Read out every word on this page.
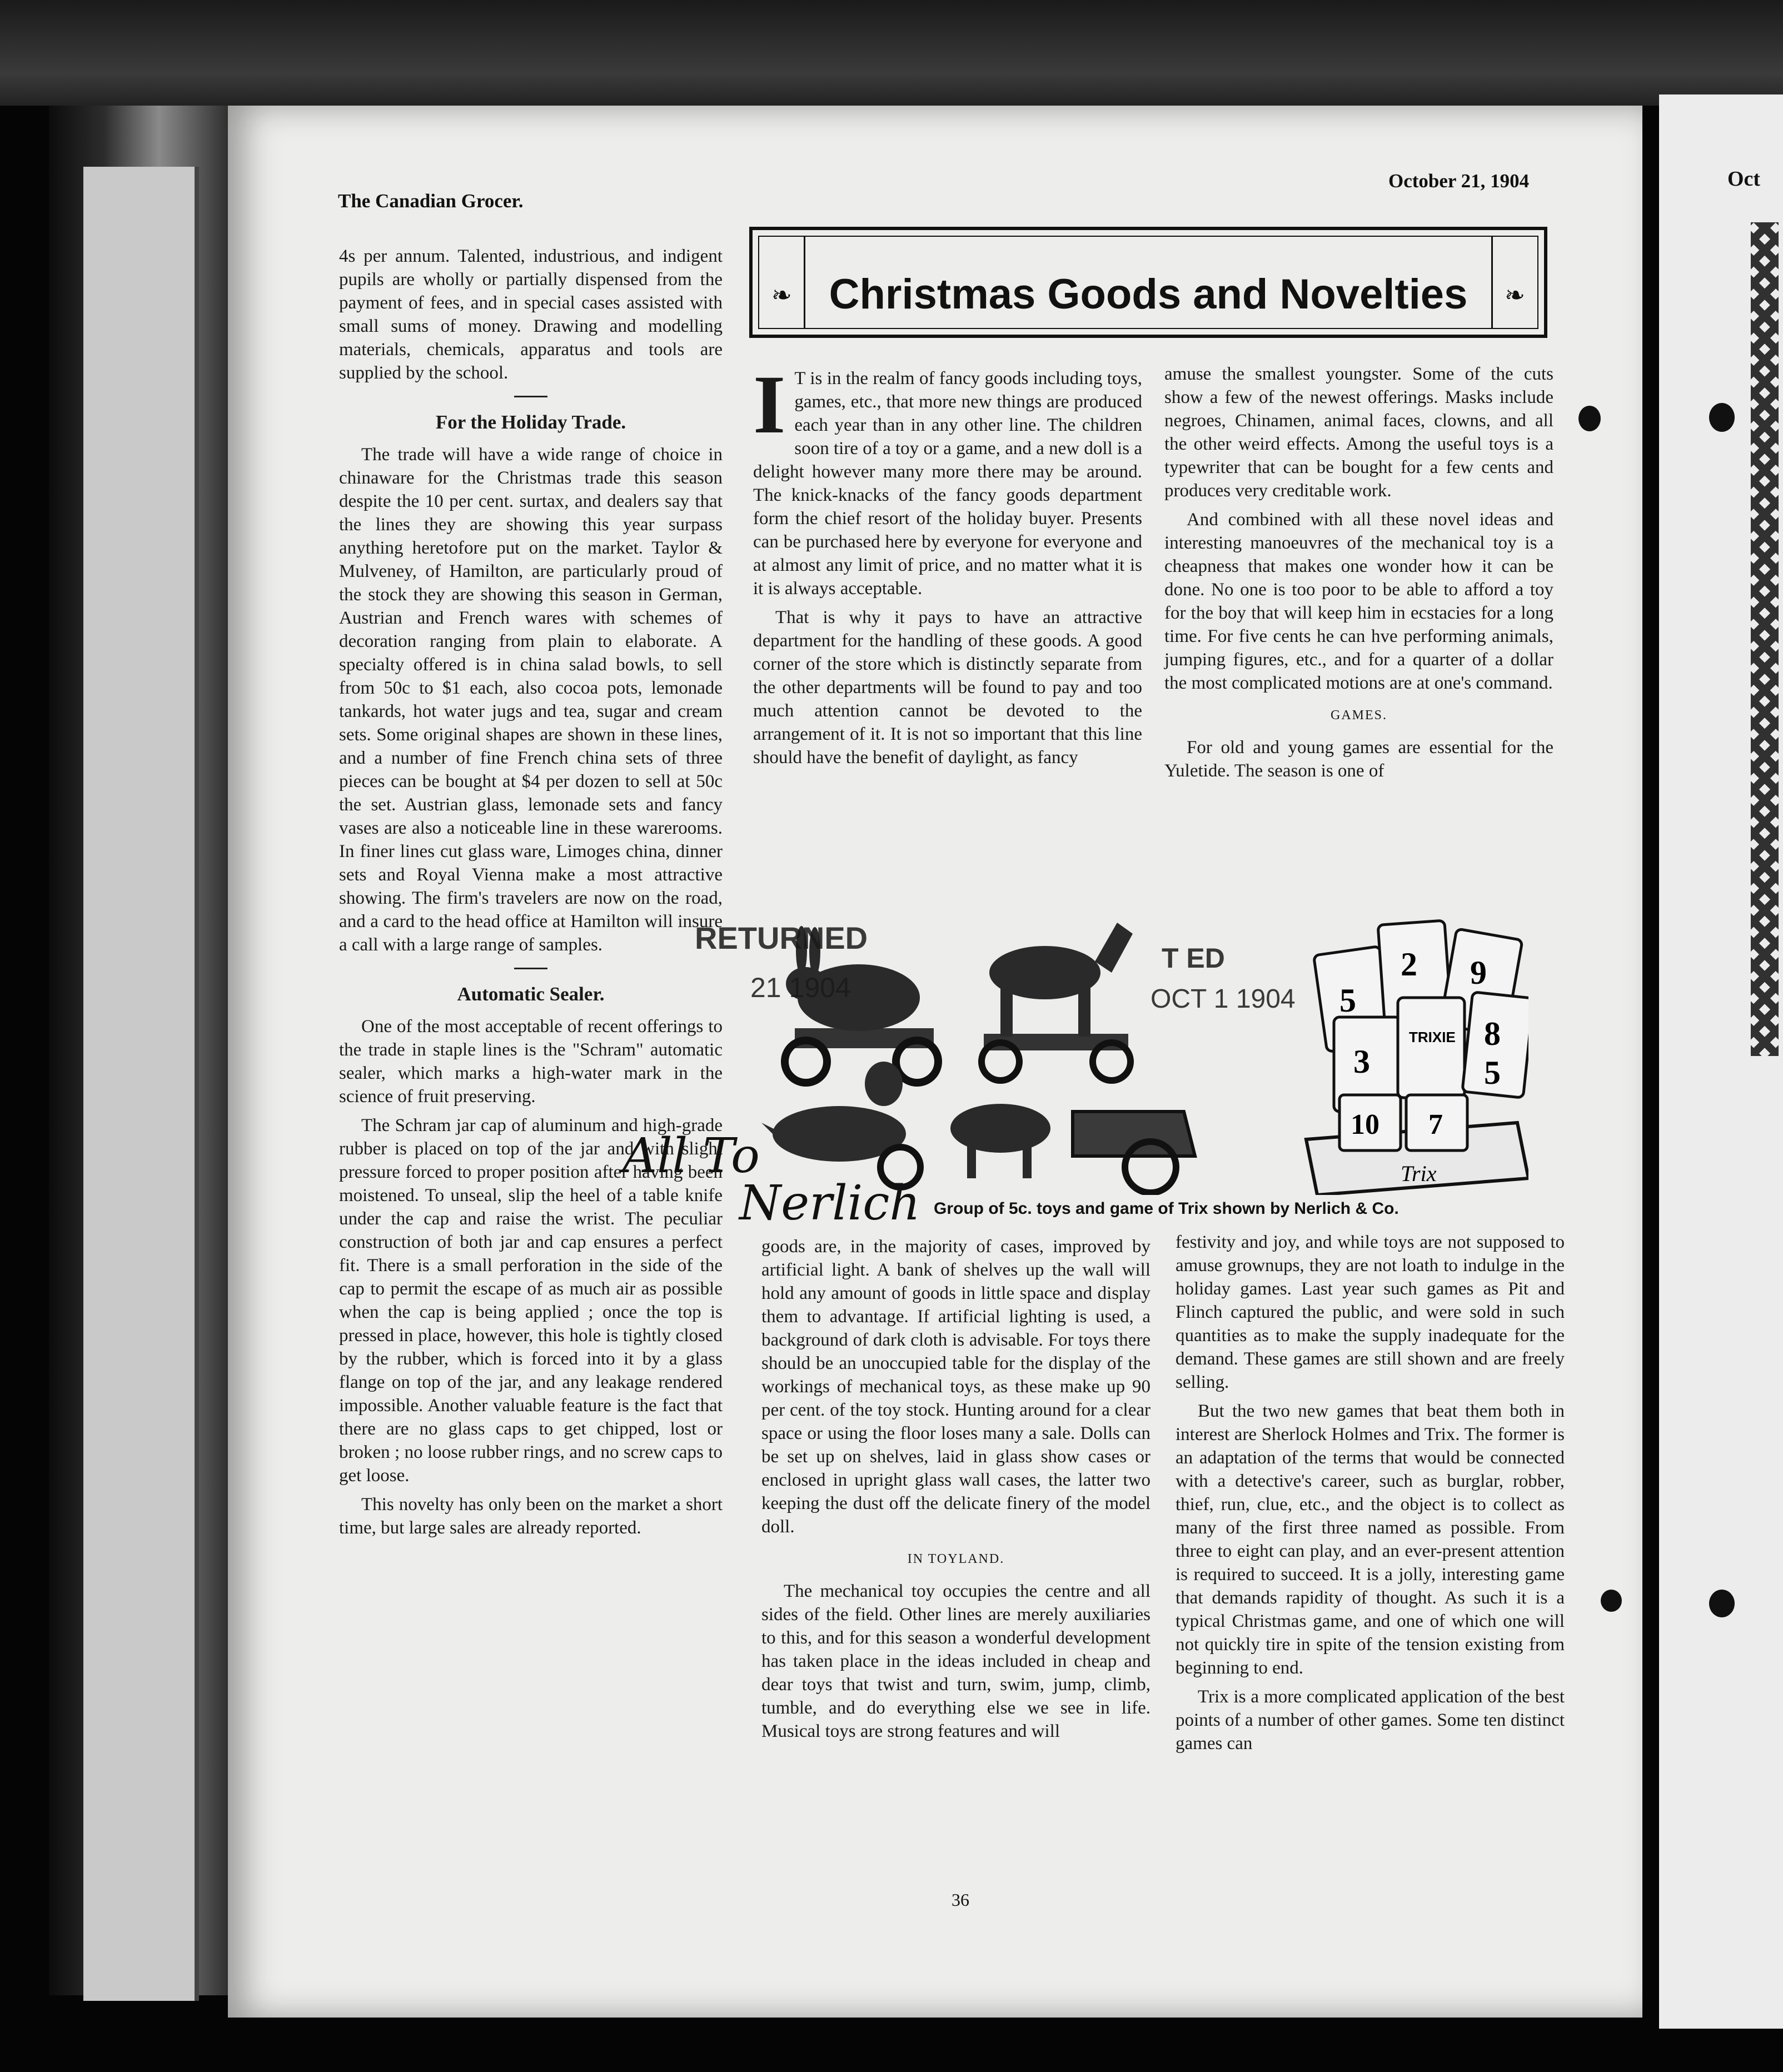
Oct
The Canadian Grocer.
October 21, 1904

4s per annum. Talented, industrious, and indigent pupils are wholly or partially dispensed from the payment of fees, and in special cases assisted with small sums of money. Drawing and modelling materials, chemicals, apparatus and tools are supplied by the school.

For the Holiday Trade.

The trade will have a wide range of choice in chinaware for the Christmas trade this season despite the 10 per cent. surtax, and dealers say that the lines they are showing this year surpass anything heretofore put on the market. Taylor & Mulveney, of Hamilton, are particularly proud of the stock they are showing this season in German, Austrian and French wares with schemes of decoration ranging from plain to elaborate. A specialty offered is in china salad bowls, to sell from 50c to $1 each, also cocoa pots, lemonade tankards, hot water jugs and tea, sugar and cream sets. Some original shapes are shown in these lines, and a number of fine French china sets of three pieces can be bought at $4 per dozen to sell at 50c the set. Austrian glass, lemonade sets and fancy vases are also a noticeable line in these warerooms. In finer lines cut glass ware, Limoges china, dinner sets and Royal Vienna make a most attractive showing. The firm's travelers are now on the road, and a card to the head office at Hamilton will insure a call with a large range of samples.

Automatic Sealer.

One of the most acceptable of recent offerings to the trade in staple lines is the "Schram" automatic sealer, which marks a high-water mark in the science of fruit preserving.

The Schram jar cap of aluminum and high-grade rubber is placed on top of the jar and with slight pressure forced to proper position after having been moistened. To unseal, slip the heel of a table knife under the cap and raise the wrist. The peculiar construction of both jar and cap ensures a perfect fit. There is a small perforation in the side of the cap to permit the escape of as much air as possible when the cap is being applied ; once the top is pressed in place, however, this hole is tightly closed by the rubber, which is forced into it by a glass flange on top of the jar, and any leakage rendered impossible. Another valuable feature is the fact that there are no glass caps to get chipped, lost or broken ; no loose rubber rings, and no screw caps to get loose.

This novelty has only been on the market a short time, but large sales are already reported.

❧	❧
Christmas Goods and Novelties

I T is in the realm of fancy goods including toys, games, etc., that more new things are produced each year than in any other line. The children soon tire of a toy or a game, and a new doll is a delight however many more there may be around. The knick-knacks of the fancy goods department form the chief resort of the holiday buyer. Presents can be purchased here by everyone for everyone and at almost any limit of price, and no matter what it is it is always acceptable.

That is why it pays to have an attractive department for the handling of these goods. A good corner of the store which is distinctly separate from the other departments will be found to pay and too much attention cannot be devoted to the arrangement of it. It is not so important that this line should have the benefit of daylight, as fancy

amuse the smallest youngster. Some of the cuts show a few of the newest offerings. Masks include negroes, Chinamen, animal faces, clowns, and all the other weird effects. Among the useful toys is a typewriter that can be bought for a few cents and produces very creditable work.

And combined with all these novel ideas and interesting manoeuvres of the mechanical toy is a cheapness that makes one wonder how it can be done. No one is too poor to be able to afford a toy for the boy that will keep him in ecstacies for a long time. For five cents he can hve performing animals, jumping figures, etc., and for a quarter of a dollar the most complicated motions are at one's command.

GAMES.

For old and young games are essential for the Yuletide. The season is one of

Trix
5
2 9
3
TRIXIE 8
5
10 7
RETURNED
21 1904
T ED
OCT 1 1904
All To
Nerlich Group of 5c. toys and game of Trix shown by Nerlich & Co.

goods are, in the majority of cases, improved by artificial light. A bank of shelves up the wall will hold any amount of goods in little space and display them to advantage. If artificial lighting is used, a background of dark cloth is advisable. For toys there should be an unoccupied table for the display of the workings of mechanical toys, as these make up 90 per cent. of the toy stock. Hunting around for a clear space or using the floor loses many a sale. Dolls can be set up on shelves, laid in glass show cases or enclosed in upright glass wall cases, the latter two keeping the dust off the delicate finery of the model doll.

IN TOYLAND.

The mechanical toy occupies the centre and all sides of the field. Other lines are merely auxiliaries to this, and for this season a wonderful development has taken place in the ideas included in cheap and dear toys that twist and turn, swim, jump, climb, tumble, and do everything else we see in life. Musical toys are strong features and will

festivity and joy, and while toys are not supposed to amuse grownups, they are not loath to indulge in the holiday games. Last year such games as Pit and Flinch captured the public, and were sold in such quantities as to make the supply inadequate for the demand. These games are still shown and are freely selling.

But the two new games that beat them both in interest are Sherlock Holmes and Trix. The former is an adaptation of the terms that would be connected with a detective's career, such as burglar, robber, thief, run, clue, etc., and the object is to collect as many of the first three named as possible. From three to eight can play, and an ever-present attention is required to succeed. It is a jolly, interesting game that demands rapidity of thought. As such it is a typical Christmas game, and one of which one will not quickly tire in spite of the tension existing from beginning to end.

Trix is a more complicated application of the best points of a number of other games. Some ten distinct games can

36
